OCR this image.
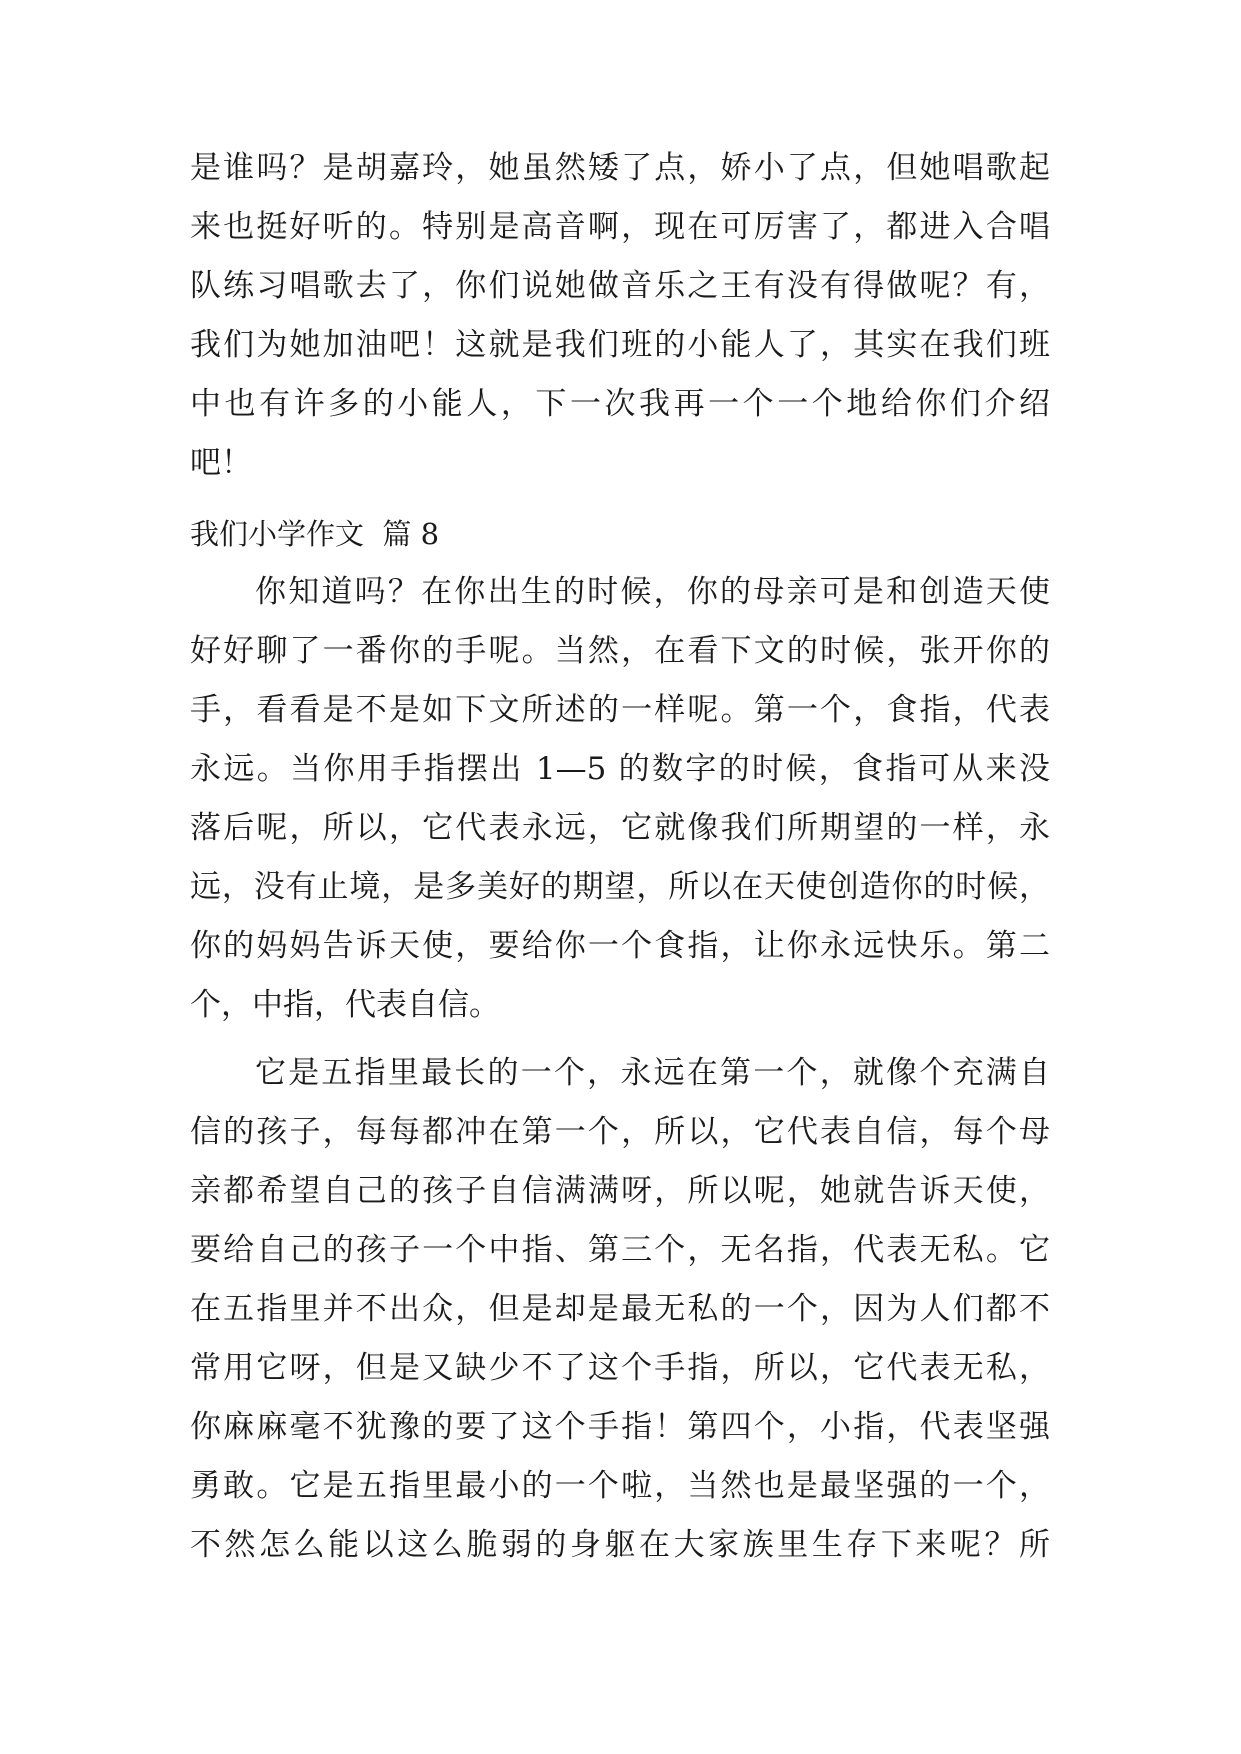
是谁吗？是胡嘉玲，她虽然矮了点，娇小了点，但她唱歌起
来也挺好听的。特别是高音啊，现在可厉害了，都进入合唱
队练习唱歌去了，你们说她做音乐之王有没有得做呢？有，
我们为她加油吧！这就是我们班的小能人了，其实在我们班
中也有许多的小能人，下一次我再一个一个地给你们介绍
吧！
我们小学作文  篇 8
你知道吗？在你出生的时候，你的母亲可是和创造天使
好好聊了一番你的手呢。当然，在看下文的时候，张开你的
手，看看是不是如下文所述的一样呢。第一个，食指，代表
永远。当你用手指摆出 1—5 的数字的时候，食指可从来没
落后呢，所以，它代表永远，它就像我们所期望的一样，永
远，没有止境，是多美好的期望，所以在天使创造你的时候，
你的妈妈告诉天使，要给你一个食指，让你永远快乐。第二
个，中指，代表自信。
它是五指里最长的一个，永远在第一个，就像个充满自
信的孩子，每每都冲在第一个，所以，它代表自信，每个母
亲都希望自己的孩子自信满满呀，所以呢，她就告诉天使，
要给自己的孩子一个中指、第三个，无名指，代表无私。它
在五指里并不出众，但是却是最无私的一个，因为人们都不
常用它呀，但是又缺少不了这个手指，所以，它代表无私，
你麻麻毫不犹豫的要了这个手指！第四个，小指，代表坚强
勇敢。它是五指里最小的一个啦，当然也是最坚强的一个，
不然怎么能以这么脆弱的身躯在大家族里生存下来呢？所
